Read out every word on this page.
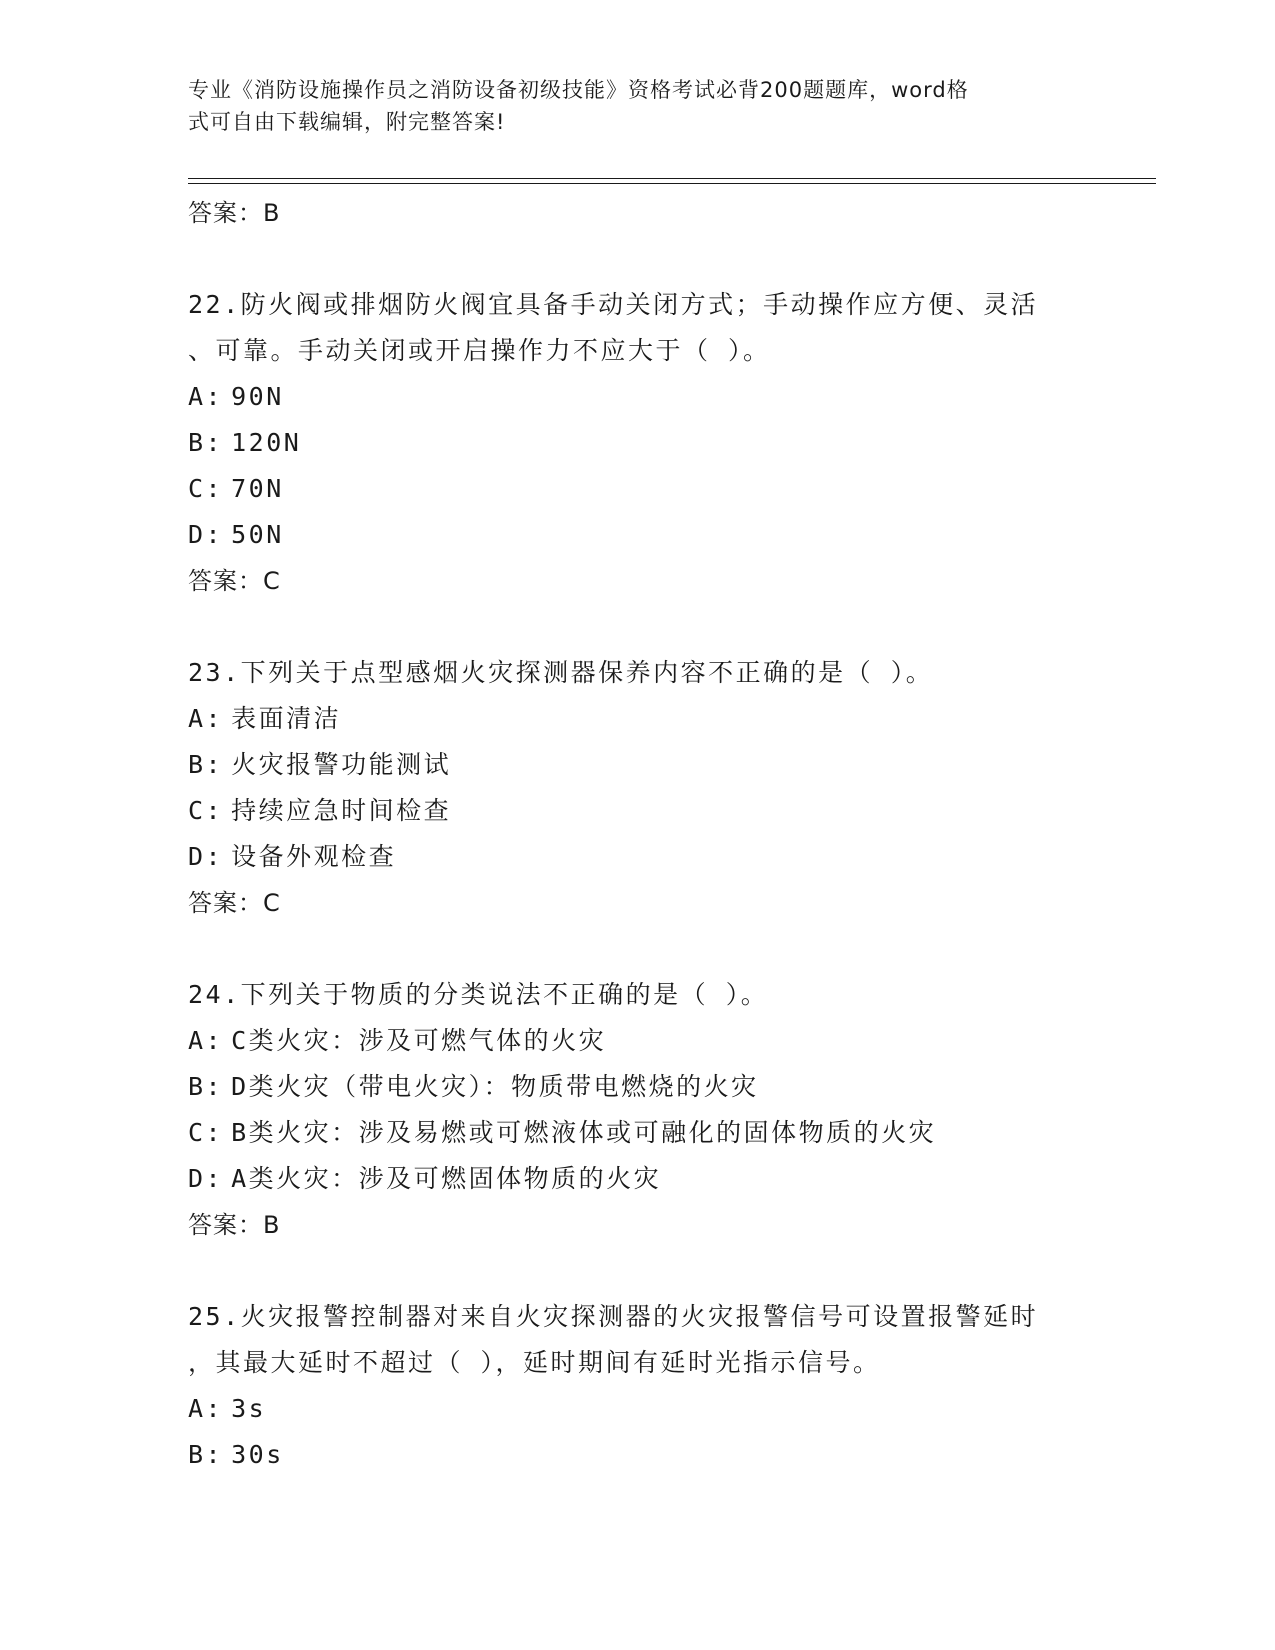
专业《消防设施操作员之消防设备初级技能》资格考试必背200题题库，word格
式可自由下载编辑，附完整答案!
答案：B
22.防火阀或排烟防火阀宜具备手动关闭方式；手动操作应方便、灵活
、可靠。手动关闭或开启操作力不应大于（ ）。
A: 90N
B: 120N
C: 70N
D: 50N
答案：C
23.下列关于点型感烟火灾探测器保养内容不正确的是（ ）。
A: 表面清洁
B: 火灾报警功能测试
C: 持续应急时间检查
D: 设备外观检查
答案：C
24.下列关于物质的分类说法不正确的是（ ）。
A: C类火灾：涉及可燃气体的火灾
B: D类火灾（带电火灾）：物质带电燃烧的火灾
C: B类火灾：涉及易燃或可燃液体或可融化的固体物质的火灾
D: A类火灾：涉及可燃固体物质的火灾
答案：B
25.火灾报警控制器对来自火灾探测器的火灾报警信号可设置报警延时
，其最大延时不超过（ ），延时期间有延时光指示信号。
A: 3s
B: 30s
